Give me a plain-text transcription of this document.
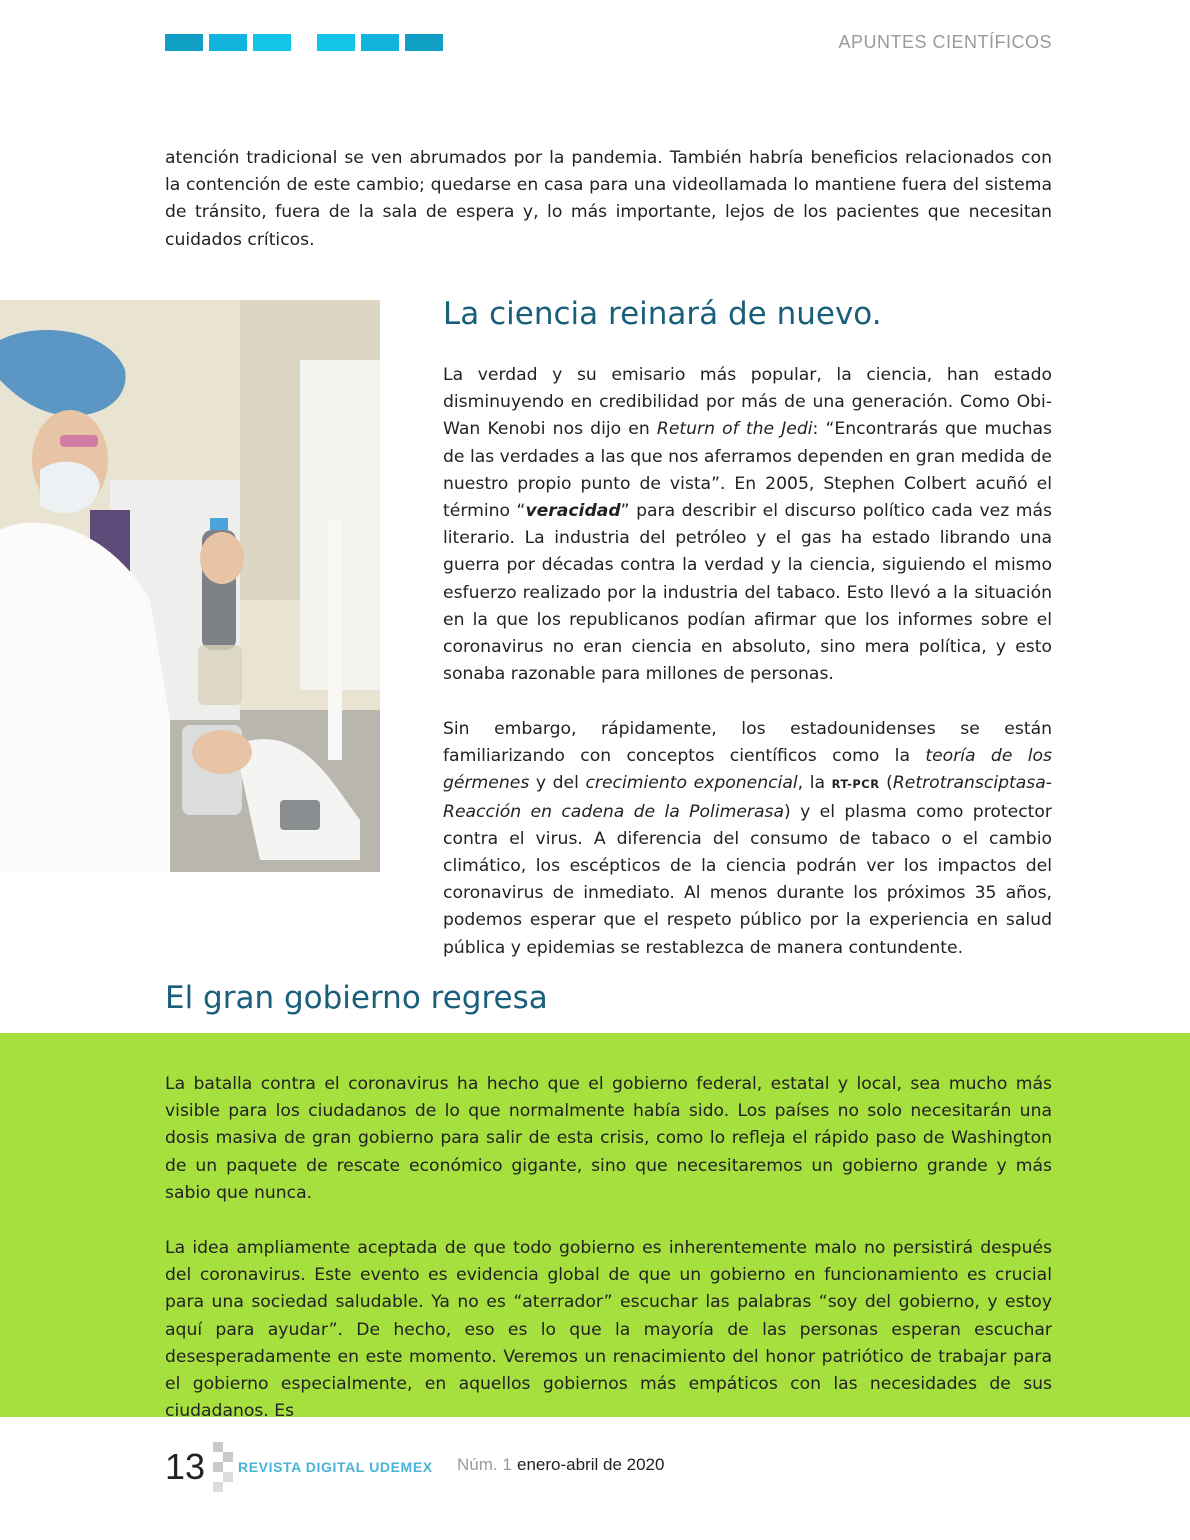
APUNTES CIENTÍFICOS

atención tradicional se ven abrumados por la pandemia. También habría beneficios relacionados con la contención de este cambio; quedarse en casa para una videollamada lo mantiene fuera del sistema de tránsito, fuera de la sala de espera y, lo más importante, lejos de los pacientes que necesitan cuidados críticos.

La ciencia reinará de nuevo.

La verdad y su emisario más popular, la ciencia, han estado disminuyendo en credibilidad por más de una generación. Como Obi-Wan Kenobi nos dijo en Return of the Jedi: “Encontrarás que muchas de las verdades a las que nos aferramos dependen en gran medida de nuestro propio punto de vista”. En 2005, Stephen Colbert acuñó el término “veracidad” para describir el discurso político cada vez más literario. La industria del petróleo y el gas ha estado librando una guerra por décadas contra la verdad y la ciencia, siguiendo el mismo esfuerzo realizado por la industria del tabaco. Esto llevó a la situación en la que los republicanos podían afirmar que los informes sobre el coronavirus no eran ciencia en absoluto, sino mera política, y esto sonaba razonable para millones de personas.

Sin embargo, rápidamente, los estadounidenses se están familiarizando con conceptos científicos como la teoría de los gérmenes y del crecimiento exponencial, la RT-PCR (Retrotransciptasa-Reacción en cadena de la Polimerasa) y el plasma como protector contra el virus. A diferencia del consumo de tabaco o el cambio climático, los escépticos de la ciencia podrán ver los impactos del coronavirus de inmediato. Al menos durante los próximos 35 años, podemos esperar que el respeto público por la experiencia en salud pública y epidemias se restablezca de manera contundente.

El gran gobierno regresa

La batalla contra el coronavirus ha hecho que el gobierno federal, estatal y local, sea mucho más visible para los ciudadanos de lo que normalmente había sido. Los países no solo necesitarán una dosis masiva de gran gobierno para salir de esta crisis, como lo refleja el rápido paso de Washington de un paquete de rescate económico gigante, sino que necesitaremos un gobierno grande y más sabio que nunca.

La idea ampliamente aceptada de que todo gobierno es inherentemente malo no persistirá después del coronavirus. Este evento es evidencia global de que un gobierno en funcionamiento es crucial para una sociedad saludable. Ya no es “aterrador” escuchar las palabras “soy del gobierno, y estoy aquí para ayudar”. De hecho, eso es lo que la mayoría de las personas esperan escuchar desesperadamente en este momento. Veremos un renacimiento del honor patriótico de trabajar para el gobierno especialmente, en aquellos gobiernos más empáticos con las necesidades de sus ciudadanos. Es

13 REVISTA DIGITAL UDEMEX Núm. 1 enero-abril de 2020
